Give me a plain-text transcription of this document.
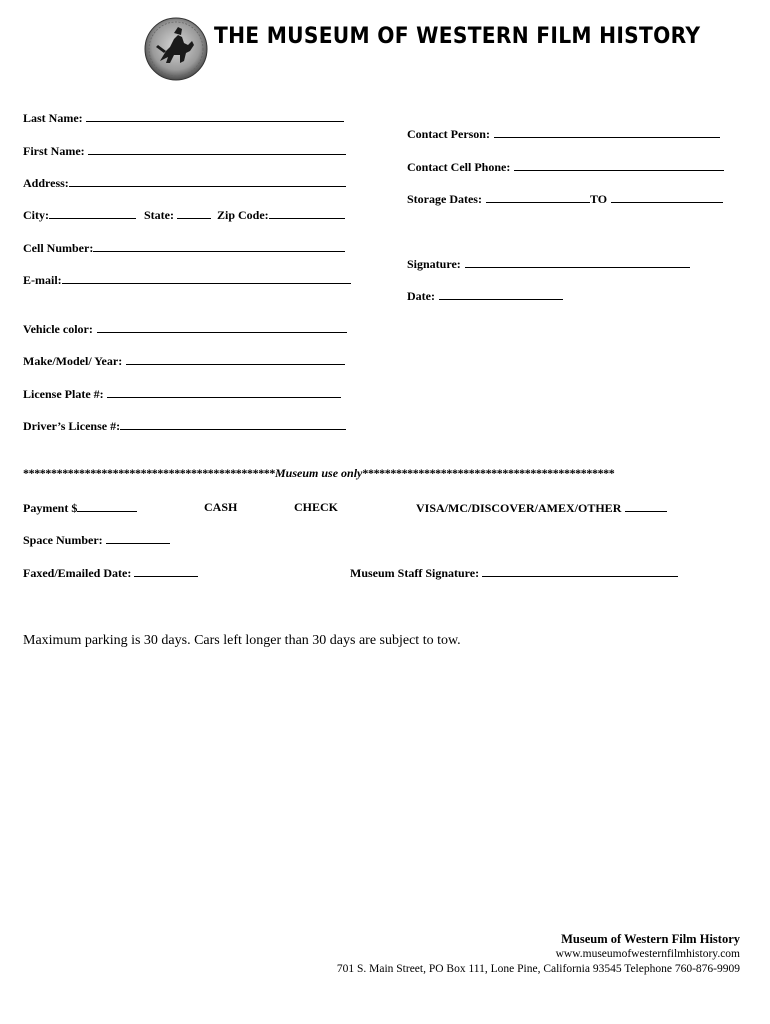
THE MUSEUM OF WESTERN FILM HISTORY
Last Name:
First Name:
Address:
City:	State:	Zip Code:
Cell Number:
E-mail:
Vehicle color:
Make/Model/ Year:
License Plate #:
Driver’s License #:
Contact Person:
Contact Cell Phone:
Storage Dates:	TO
Signature:
Date:
*********************************************Museum use only*********************************************
Payment $	CASH	CHECK	VISA/MC/DISCOVER/AMEX/OTHER
Space Number:
Faxed/Emailed Date:	Museum Staff Signature:
Maximum parking is 30 days. Cars left longer than 30 days are subject to tow.
Museum of Western Film History
www.museumofwesternfilmhistory.com
701 S. Main Street, PO Box 111, Lone Pine, California 93545 Telephone 760-876-9909
